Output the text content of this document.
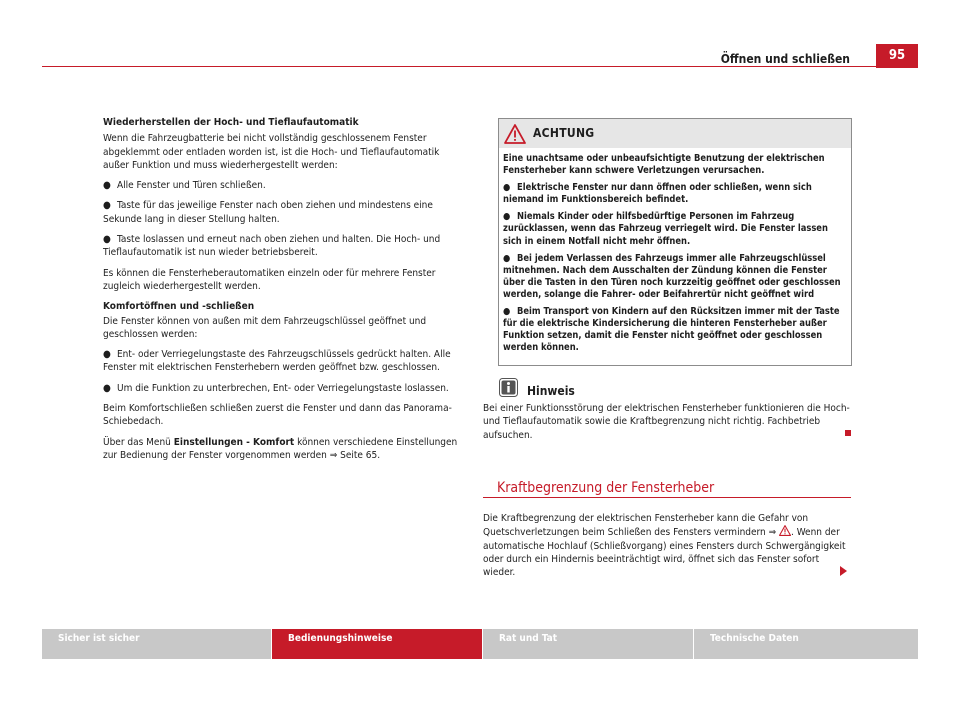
Öffnen und schließen	95
Wiederherstellen der Hoch- und Tieflaufautomatik
Wenn die Fahrzeugbatterie bei nicht vollständig geschlossenem Fenster abgeklemmt oder entladen worden ist, ist die Hoch- und Tieflaufautomatik außer Funktion und muss wiederhergestellt werden:
● Alle Fenster und Türen schließen.
● Taste für das jeweilige Fenster nach oben ziehen und mindestens eine Sekunde lang in dieser Stellung halten.
● Taste loslassen und erneut nach oben ziehen und halten. Die Hoch- und Tieflaufautomatik ist nun wieder betriebsbereit.
Es können die Fensterheberautomatiken einzeln oder für mehrere Fenster zugleich wiederhergestellt werden.
Komfortöffnen und -schließen
Die Fenster können von außen mit dem Fahrzeugschlüssel geöffnet und geschlossen werden:
● Ent- oder Verriegelungstaste des Fahrzeugschlüssels gedrückt halten. Alle Fenster mit elektrischen Fensterhebern werden geöffnet bzw. geschlossen.
● Um die Funktion zu unterbrechen, Ent- oder Verriegelungstaste loslassen.
Beim Komfortschließen schließen zuerst die Fenster und dann das Panorama-Schiebedach.
Über das Menü Einstellungen - Komfort können verschiedene Einstellungen zur Bedienung der Fenster vorgenommen werden ⇒ Seite 65.
ACHTUNG
Eine unachtsame oder unbeaufsichtigte Benutzung der elektrischen Fensterheber kann schwere Verletzungen verursachen.
● Elektrische Fenster nur dann öffnen oder schließen, wenn sich niemand im Funktionsbereich befindet.
● Niemals Kinder oder hilfsbedürftige Personen im Fahrzeug zurücklassen, wenn das Fahrzeug verriegelt wird. Die Fenster lassen sich in einem Notfall nicht mehr öffnen.
● Bei jedem Verlassen des Fahrzeugs immer alle Fahrzeugschlüssel mitnehmen. Nach dem Ausschalten der Zündung können die Fenster über die Tasten in den Türen noch kurzzeitig geöffnet oder geschlossen werden, solange die Fahrer- oder Beifahrertür nicht geöffnet wird
● Beim Transport von Kindern auf den Rücksitzen immer mit der Taste für die elektrische Kindersicherung die hinteren Fensterheber außer Funktion setzen, damit die Fenster nicht geöffnet oder geschlossen werden können.
Hinweis
Bei einer Funktionsstörung der elektrischen Fensterheber funktionieren die Hoch- und Tieflaufautomatik sowie die Kraftbegrenzung nicht richtig. Fachbetrieb aufsuchen.
Kraftbegrenzung der Fensterheber
Die Kraftbegrenzung der elektrischen Fensterheber kann die Gefahr von Quetschverletzungen beim Schließen des Fensters vermindern ⇒ . Wenn der automatische Hochlauf (Schließvorgang) eines Fensters durch Schwergängigkeit oder durch ein Hindernis beeinträchtigt wird, öffnet sich das Fenster sofort wieder.
Sicher ist sicher	Bedienungshinweise	Rat und Tat	Technische Daten
